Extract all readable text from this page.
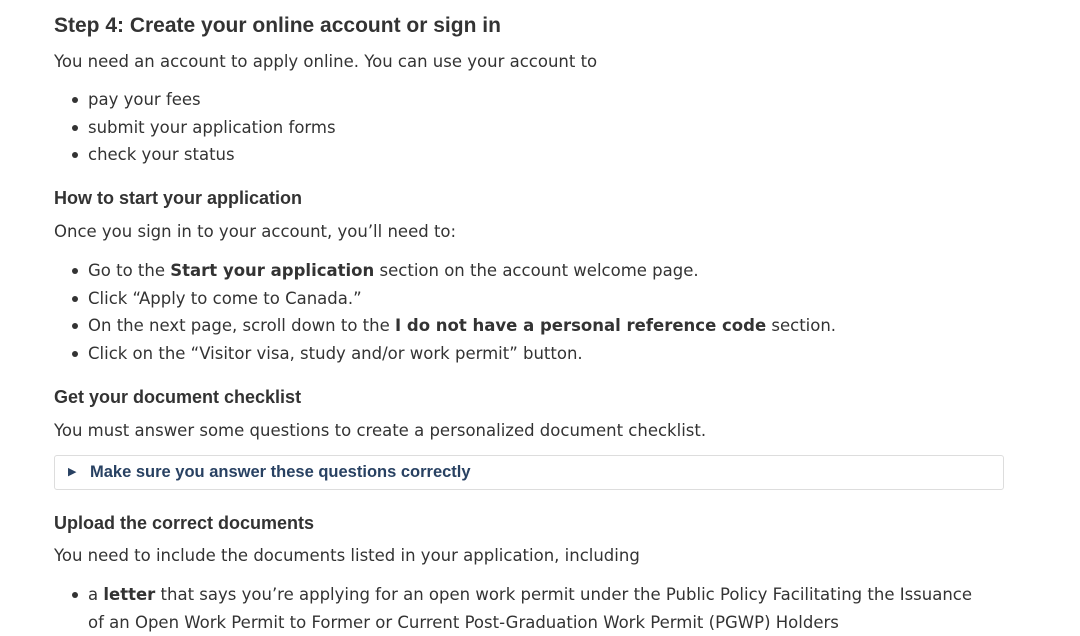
Step 4: Create your online account or sign in

You need an account to apply online. You can use your account to

pay your fees
submit your application forms
check your status
How to start your application

Once you sign in to your account, you’ll need to:

Go to the Start your application section on the account welcome page.
Click “Apply to come to Canada.”
On the next page, scroll down to the I do not have a personal reference code section.
Click on the “Visitor visa, study and/or work permit” button.
Get your document checklist

You must answer some questions to create a personalized document checklist.

▶ Make sure you answer these questions correctly
Upload the correct documents

You need to include the documents listed in your application, including

a letter that says you’re applying for an open work permit under the Public Policy Facilitating the Issuance of an Open Work Permit to Former or Current Post-Graduation Work Permit (PGWP) Holders
